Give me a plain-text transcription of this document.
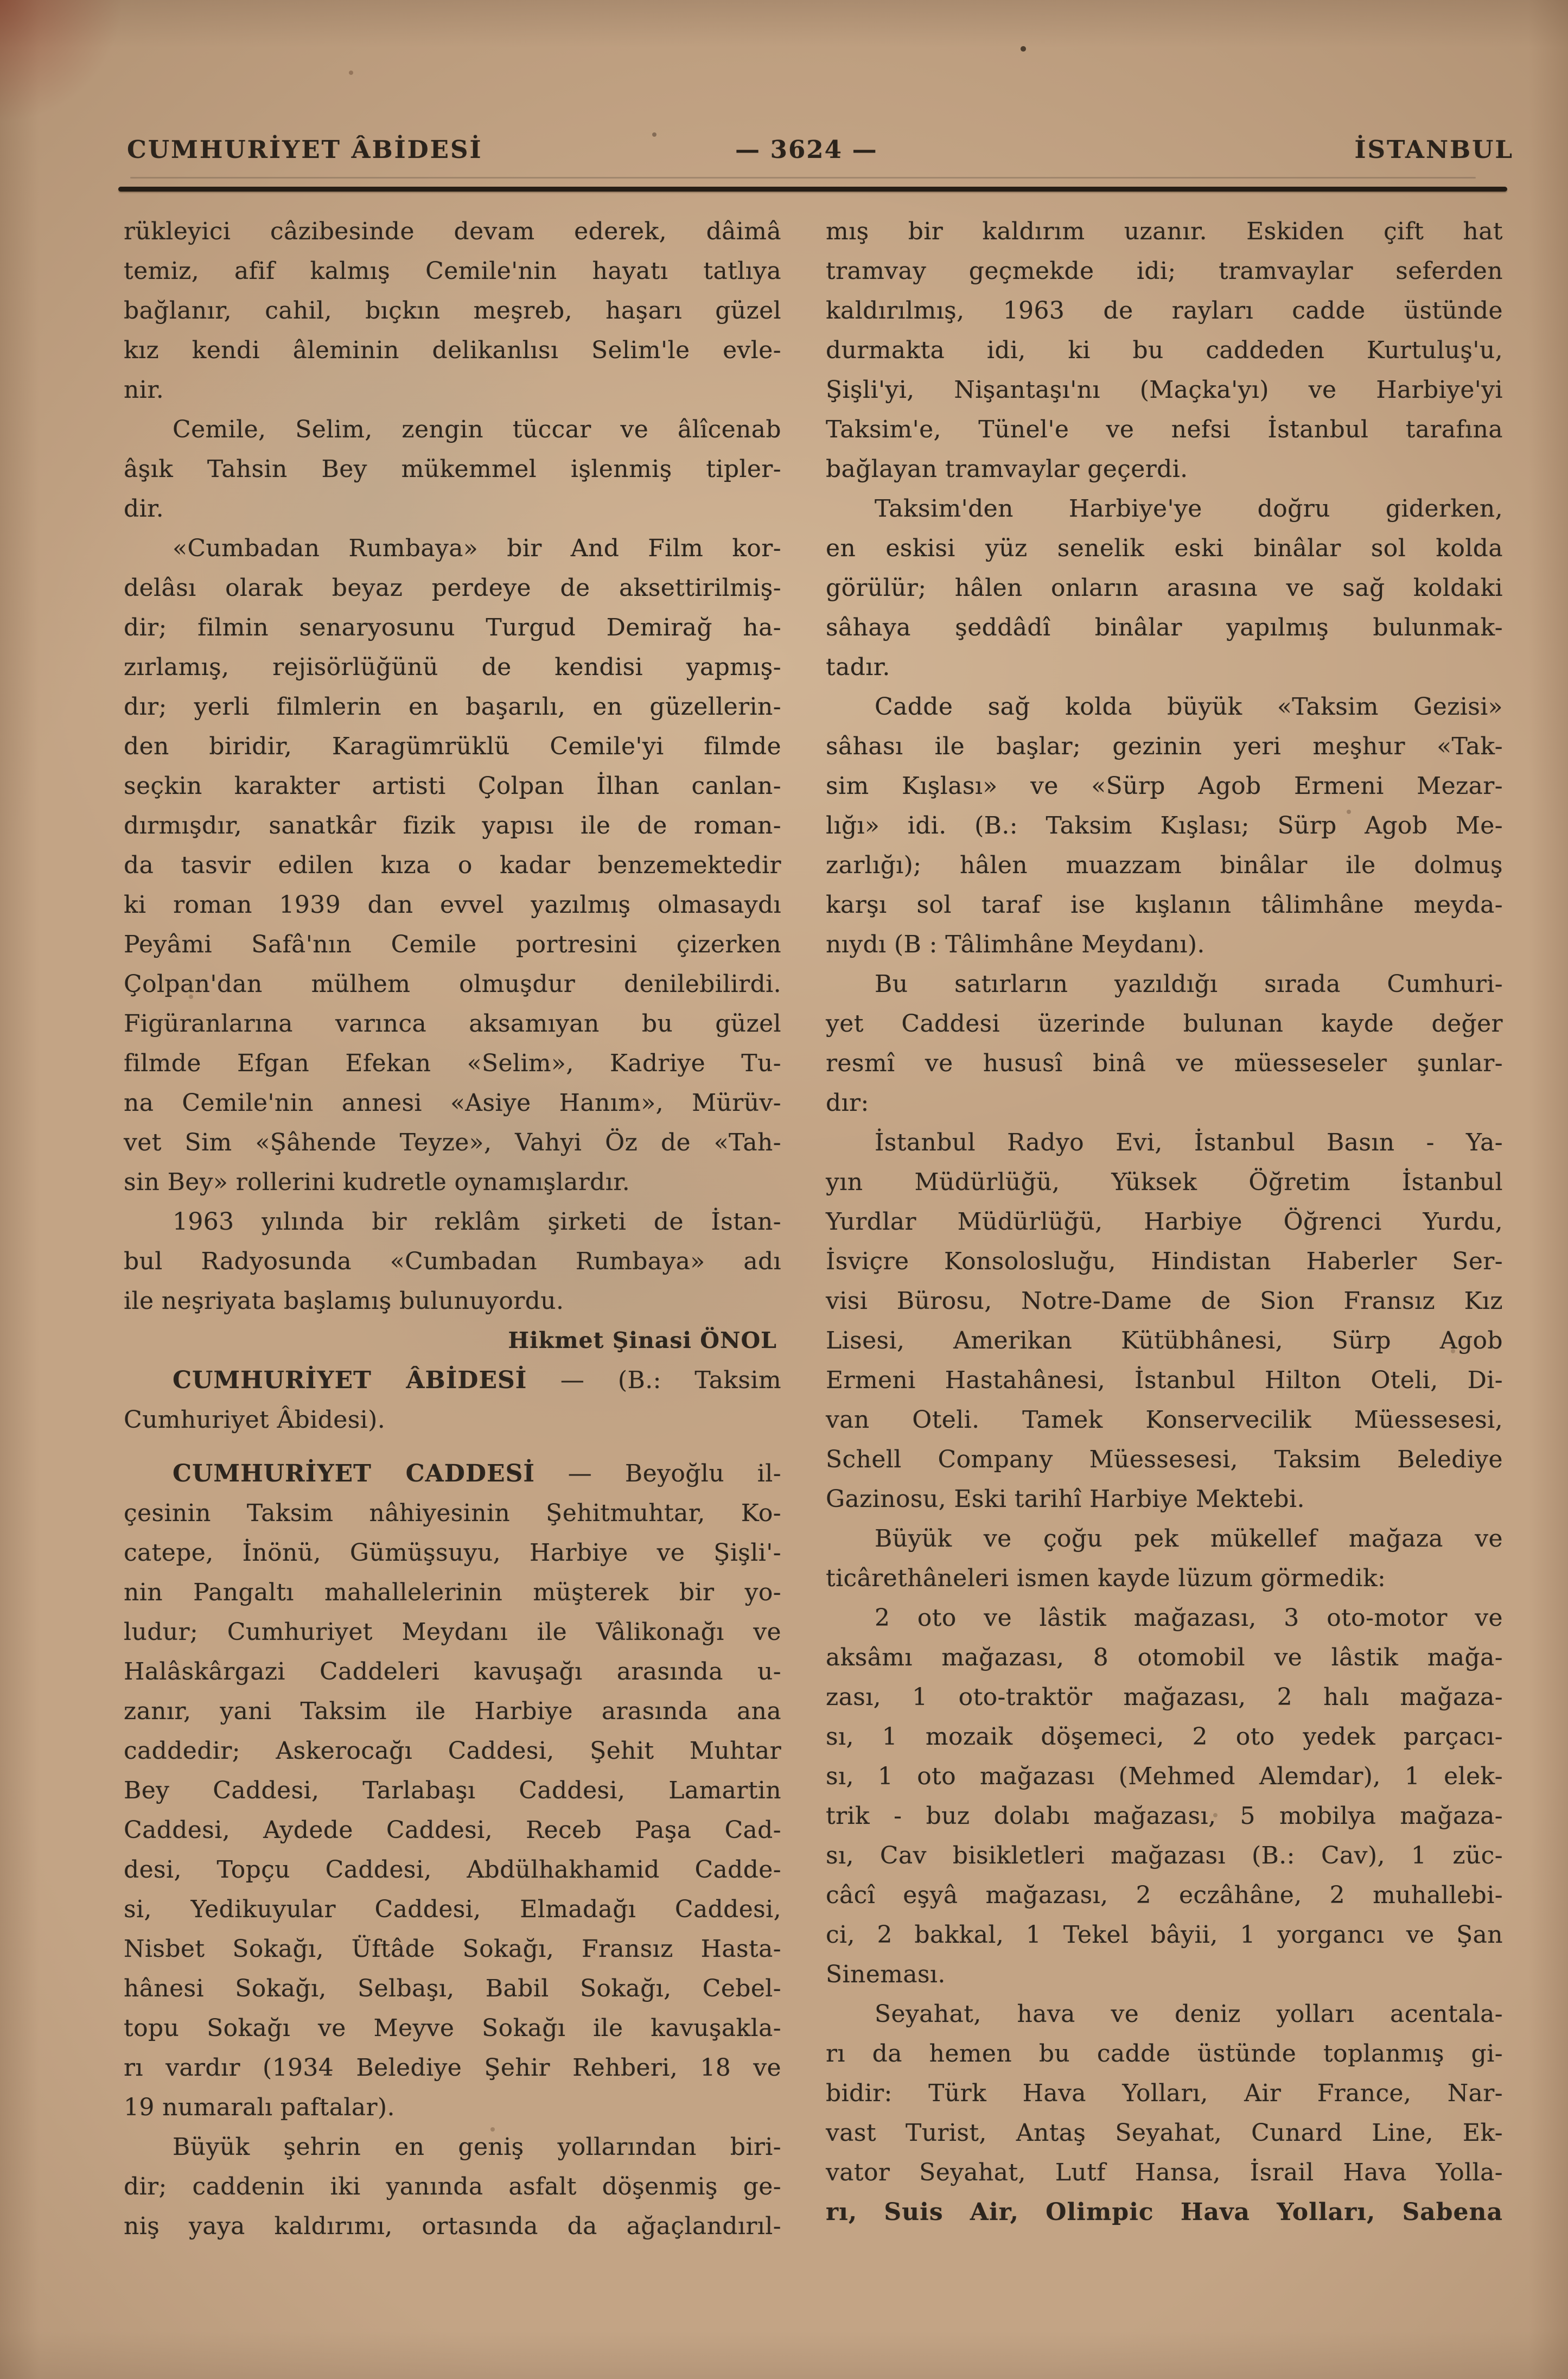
CUMHURİYET ÂBİDESİ	— 3624 —	İSTANBUL
rükleyici câzibesinde devam ederek, dâimâ
temiz, afif kalmış Cemile'nin hayatı tatlıya
bağlanır, cahil, bıçkın meşreb, haşarı güzel
kız kendi âleminin delikanlısı Selim'le evle-
nir.
Cemile, Selim, zengin tüccar ve âlîcenab
âşık Tahsin Bey mükemmel işlenmiş tipler-
dir.
«Cumbadan Rumbaya» bir And Film kor-
delâsı olarak beyaz perdeye de aksettirilmiş-
dir; filmin senaryosunu Turgud Demirağ ha-
zırlamış, rejisörlüğünü de kendisi yapmış-
dır; yerli filmlerin en başarılı, en güzellerin-
den biridir, Karagümrüklü Cemile'yi filmde
seçkin karakter artisti Çolpan İlhan canlan-
dırmışdır, sanatkâr fizik yapısı ile de roman-
da tasvir edilen kıza o kadar benzemektedir
ki roman 1939 dan evvel yazılmış olmasaydı
Peyâmi Safâ'nın Cemile portresini çizerken
Çolpan'dan mülhem olmuşdur denilebilirdi.
Figüranlarına varınca aksamıyan bu güzel
filmde Efgan Efekan «Selim», Kadriye Tu-
na Cemile'nin annesi «Asiye Hanım», Mürüv-
vet Sim «Şâhende Teyze», Vahyi Öz de «Tah-
sin Bey» rollerini kudretle oynamışlardır.
1963 yılında bir reklâm şirketi de İstan-
bul Radyosunda «Cumbadan Rumbaya» adı
ile neşriyata başlamış bulunuyordu.
Hikmet Şinasi ÖNOL
CUMHURİYET ÂBİDESİ — (B.: Taksim
Cumhuriyet Âbidesi).
CUMHURİYET CADDESİ — Beyoğlu il-
çesinin Taksim nâhiyesinin Şehitmuhtar, Ko-
catepe, İnönü, Gümüşsuyu, Harbiye ve Şişli'-
nin Pangaltı mahallelerinin müşterek bir yo-
ludur; Cumhuriyet Meydanı ile Vâlikonağı ve
Halâskârgazi Caddeleri kavuşağı arasında u-
zanır, yani Taksim ile Harbiye arasında ana
caddedir; Askerocağı Caddesi, Şehit Muhtar
Bey Caddesi, Tarlabaşı Caddesi, Lamartin
Caddesi, Aydede Caddesi, Receb Paşa Cad-
desi, Topçu Caddesi, Abdülhakhamid Cadde-
si, Yedikuyular Caddesi, Elmadağı Caddesi,
Nisbet Sokağı, Üftâde Sokağı, Fransız Hasta-
hânesi Sokağı, Selbaşı, Babil Sokağı, Cebel-
topu Sokağı ve Meyve Sokağı ile kavuşakla-
rı vardır (1934 Belediye Şehir Rehberi, 18 ve
19 numaralı paftalar).
Büyük şehrin en geniş yollarından biri-
dir; caddenin iki yanında asfalt döşenmiş ge-
niş yaya kaldırımı, ortasında da ağaçlandırıl-
mış bir kaldırım uzanır. Eskiden çift hat
tramvay geçmekde idi; tramvaylar seferden
kaldırılmış, 1963 de rayları cadde üstünde
durmakta idi, ki bu caddeden Kurtuluş'u,
Şişli'yi, Nişantaşı'nı (Maçka'yı) ve Harbiye'yi
Taksim'e, Tünel'e ve nefsi İstanbul tarafına
bağlayan tramvaylar geçerdi.
Taksim'den Harbiye'ye doğru giderken,
en eskisi yüz senelik eski binâlar sol kolda
görülür; hâlen onların arasına ve sağ koldaki
sâhaya şeddâdî binâlar yapılmış bulunmak-
tadır.
Cadde sağ kolda büyük «Taksim Gezisi»
sâhası ile başlar; gezinin yeri meşhur «Tak-
sim Kışlası» ve «Sürp Agob Ermeni Mezar-
lığı» idi. (B.: Taksim Kışlası; Sürp Agob Me-
zarlığı); hâlen muazzam binâlar ile dolmuş
karşı sol taraf ise kışlanın tâlimhâne meyda-
nıydı (B : Tâlimhâne Meydanı).
Bu satırların yazıldığı sırada Cumhuri-
yet Caddesi üzerinde bulunan kayde değer
resmî ve hususî binâ ve müesseseler şunlar-
dır:
İstanbul Radyo Evi, İstanbul Basın - Ya-
yın Müdürlüğü, Yüksek Öğretim İstanbul
Yurdlar Müdürlüğü, Harbiye Öğrenci Yurdu,
İsviçre Konsolosluğu, Hindistan Haberler Ser-
visi Bürosu, Notre-Dame de Sion Fransız Kız
Lisesi, Amerikan Kütübhânesi, Sürp Agob
Ermeni Hastahânesi, İstanbul Hilton Oteli, Di-
van Oteli. Tamek Konservecilik Müessesesi,
Schell Company Müessesesi, Taksim Belediye
Gazinosu, Eski tarihî Harbiye Mektebi.
Büyük ve çoğu pek mükellef mağaza ve
ticârethâneleri ismen kayde lüzum görmedik:
2 oto ve lâstik mağazası, 3 oto-motor ve
aksâmı mağazası, 8 otomobil ve lâstik mağa-
zası, 1 oto-traktör mağazası, 2 halı mağaza-
sı, 1 mozaik döşemeci, 2 oto yedek parçacı-
sı, 1 oto mağazası (Mehmed Alemdar), 1 elek-
trik - buz dolabı mağazası, 5 mobilya mağaza-
sı, Cav bisikletleri mağazası (B.: Cav), 1 züc-
câcî eşyâ mağazası, 2 eczâhâne, 2 muhallebi-
ci, 2 bakkal, 1 Tekel bâyii, 1 yorgancı ve Şan
Sineması.
Seyahat, hava ve deniz yolları acentala-
rı da hemen bu cadde üstünde toplanmış gi-
bidir: Türk Hava Yolları, Air France, Nar-
vast Turist, Antaş Seyahat, Cunard Line, Ek-
vator Seyahat, Lutf Hansa, İsrail Hava Yolla-
rı, Suis Air, Olimpic Hava Yolları, Sabena
